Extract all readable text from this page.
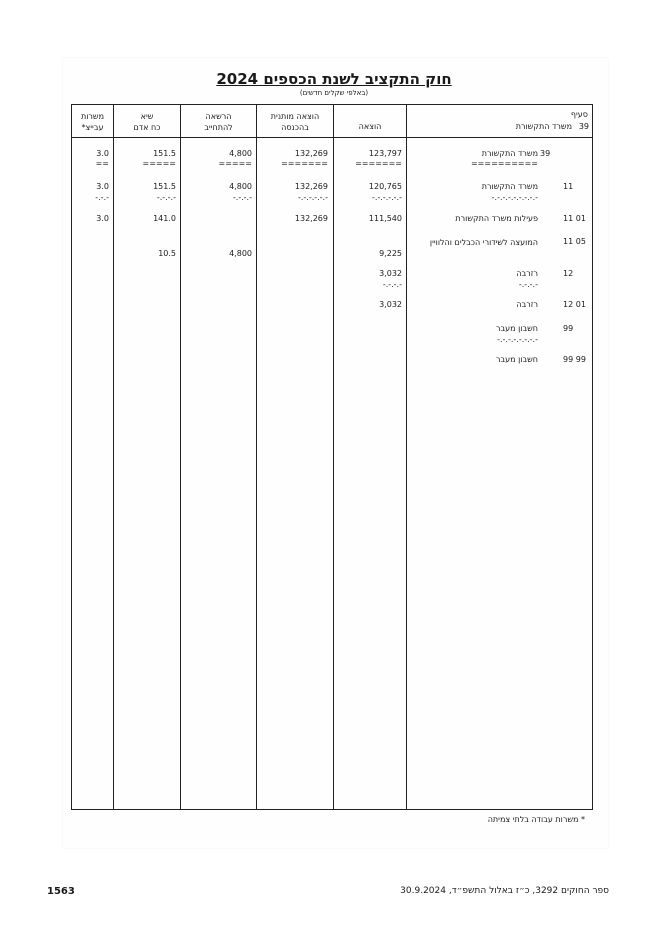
חוק התקציב לשנת הכספים 2024
(באלפי שקלים חדשים)
סעיף
39
משרד התקשורת
הוצאה
הוצאה מותנית
בהכנסה
הרשאה
להתחייב
שיא
כח אדם
משרות
עבייצ*
39
משרד התקשורת
==========
123,797
=======
132,269
=======
4,800
=====
151.5
=====
3.0
==
11
משרד התקשורת
-.-.-.-.-.-.-.-.-
120,765
-.-.-.-.-.-
132,269
-.-.-.-.-.-
4,800
-.-.-.-
151.5
-.-.-.-
3.0
-.-.-
11 01
פעילות משרד התקשורת
111,540
132,269
141.0
3.0
11 05
המועצה לשידורי הכבלים והלוויין
9,225
4,800
10.5
12
רזרבה
-.-.-.-
3,032
-.-.-.-
12 01
רזרבה
3,032
99
חשבון מעבר
-.-.-.-.-.-.-.-
99 99
חשבון מעבר
* משרות עבודה בלתי צמיתה
1563	ספר החוקים 3292, כ״ז באלול התשפ״ד, 30.9.2024
